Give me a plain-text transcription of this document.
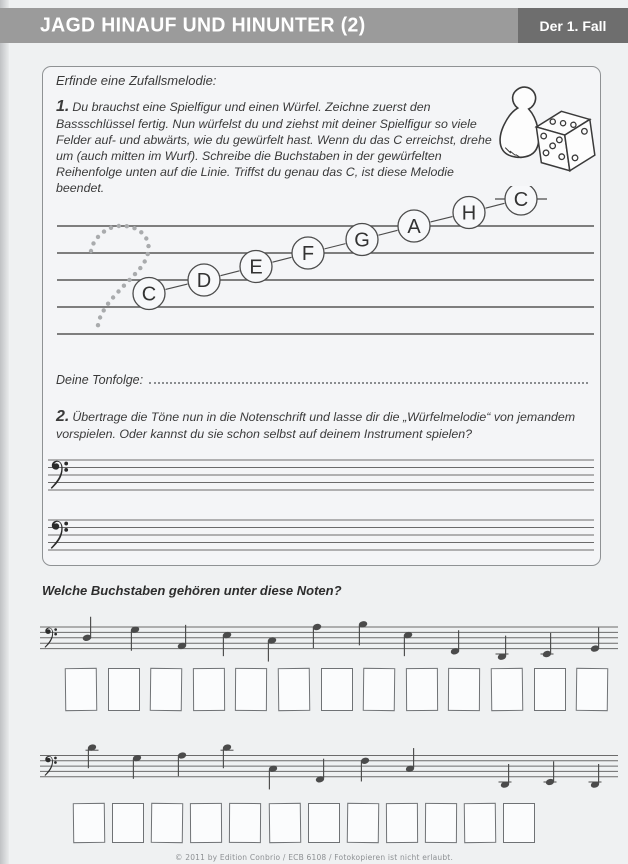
JAGD HINAUF UND HINUNTER (2)	Der 1. Fall

Erfinde eine Zufallsmelodie:

1. Du brauchst eine Spielfigur und einen Würfel. Zeichne zuerst den Bassschlüssel fertig. Nun würfelst du und ziehst mit deiner Spielfigur so viele Felder auf- und abwärts, wie du gewürfelt hast. Wenn du das C erreichst, drehe um (auch mitten im Wurf). Schreibe die Buchstaben in der gewürfelten Reihenfolge unten auf die Linie. Triffst du genau das C, ist diese Melodie beendet.

C
D
E
F
G
A
H
C
Deine Tonfolge:

2. Übertrage die Töne nun in die Notenschrift und lasse dir die „Würfelmelodie“ von jemandem vorspielen. Oder kannst du sie schon selbst auf deinem Instrument spielen?

Welche Buchstaben gehören unter diese Noten?

© 2011 by Edition Conbrio / ECB 6108 / Fotokopieren ist nicht erlaubt.
